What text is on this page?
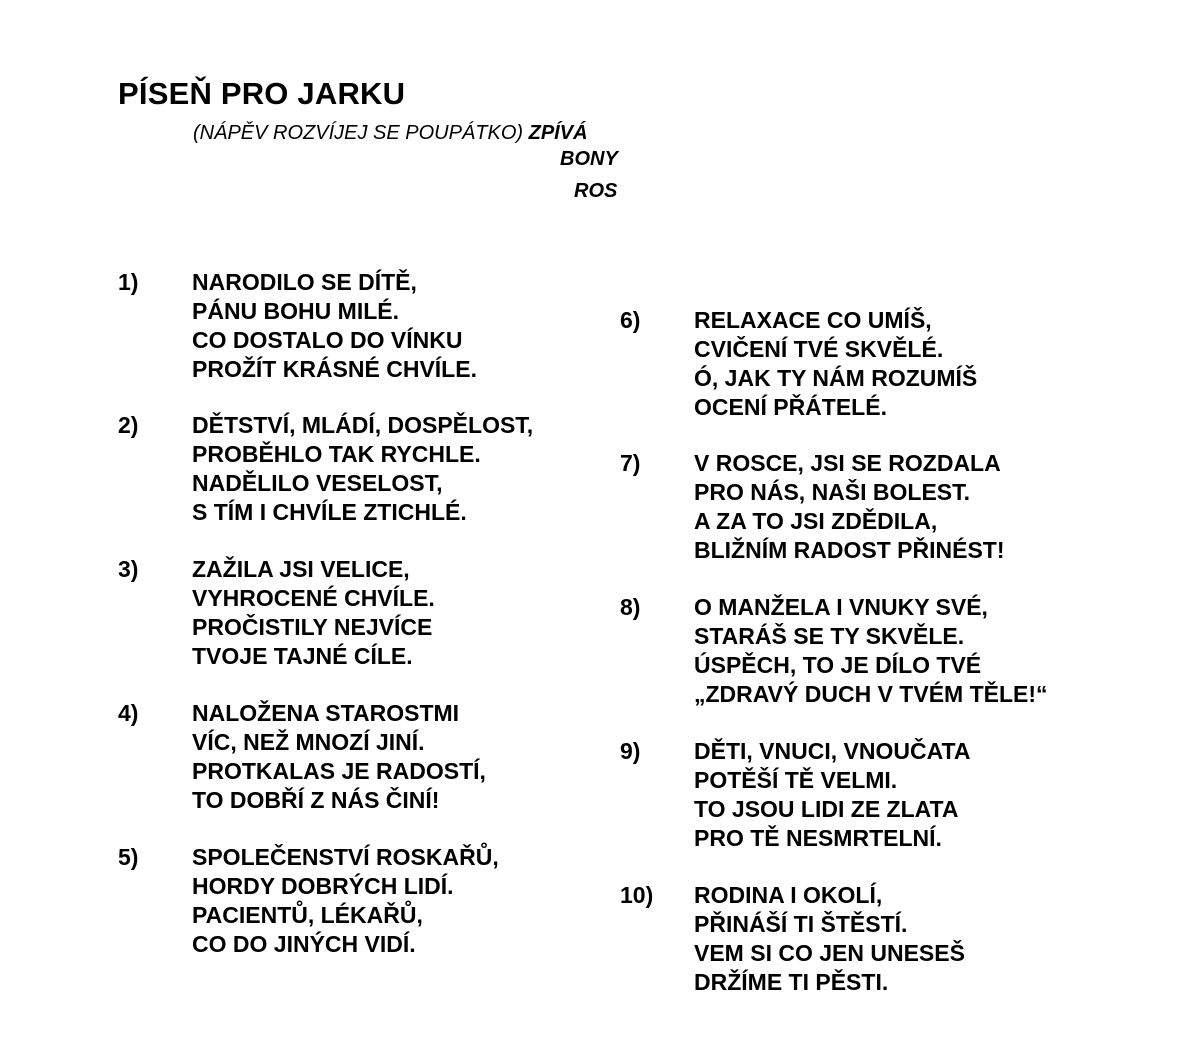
PÍSEŇ PRO JARKU
(NÁPĚV ROZVÍJEJ SE POUPÁTKO) ZPÍVÁ
BONY
ROS
1) NARODILO SE DÍTĚ,
PÁNU BOHU MILÉ.
CO DOSTALO DO VÍNKU
PROŽÍT KRÁSNÉ CHVÍLE.
2) DĚTSTVÍ, MLÁDÍ, DOSPĚLOST,
PROBĚHLO TAK RYCHLE.
NADĚLILO VESELOST,
S TÍM I CHVÍLE ZTICHLÉ.
3) ZAŽILA JSI VELICE,
VYHROCENÉ CHVÍLE.
PROČISTILY NEJVÍCE
TVOJE TAJNÉ CÍLE.
4) NALOŽENA STAROSTMI
VÍC, NEŽ MNOZÍ JINÍ.
PROTKALAS JE RADOSTÍ,
TO DOBŘÍ Z NÁS ČINÍ!
5) SPOLEČENSTVÍ ROSKAŘŮ,
HORDY DOBRÝCH LIDÍ.
PACIENTŮ, LÉKAŘŮ,
CO DO JINÝCH VIDÍ.
6) RELAXACE CO UMÍŠ,
CVIČENÍ TVÉ SKVĚLÉ.
Ó, JAK TY NÁM ROZUMÍŠ
OCENÍ PŘÁTELÉ.
7) V ROSCE, JSI SE ROZDALA
PRO NÁS, NAŠI BOLEST.
A ZA TO JSI ZDĚDILA,
BLIŽNÍM RADOST PŘINÉST!
8) O MANŽELA I VNUKY SVÉ,
STARÁŠ SE TY SKVĚLE.
ÚSPĚCH, TO JE DÍLO TVÉ
„ZDRAVÝ DUCH V TVÉM TĚLE!“
9) DĚTI, VNUCI, VNOUČATA
POTĚŠÍ TĚ VELMI.
TO JSOU LIDI ZE ZLATA
PRO TĚ NESMRTELNÍ.
10) RODINA I OKOLÍ,
PŘINÁŠÍ TI ŠTĚSTÍ.
VEM SI CO JEN UNESEŠ
DRŽÍME TI PĚSTI.
